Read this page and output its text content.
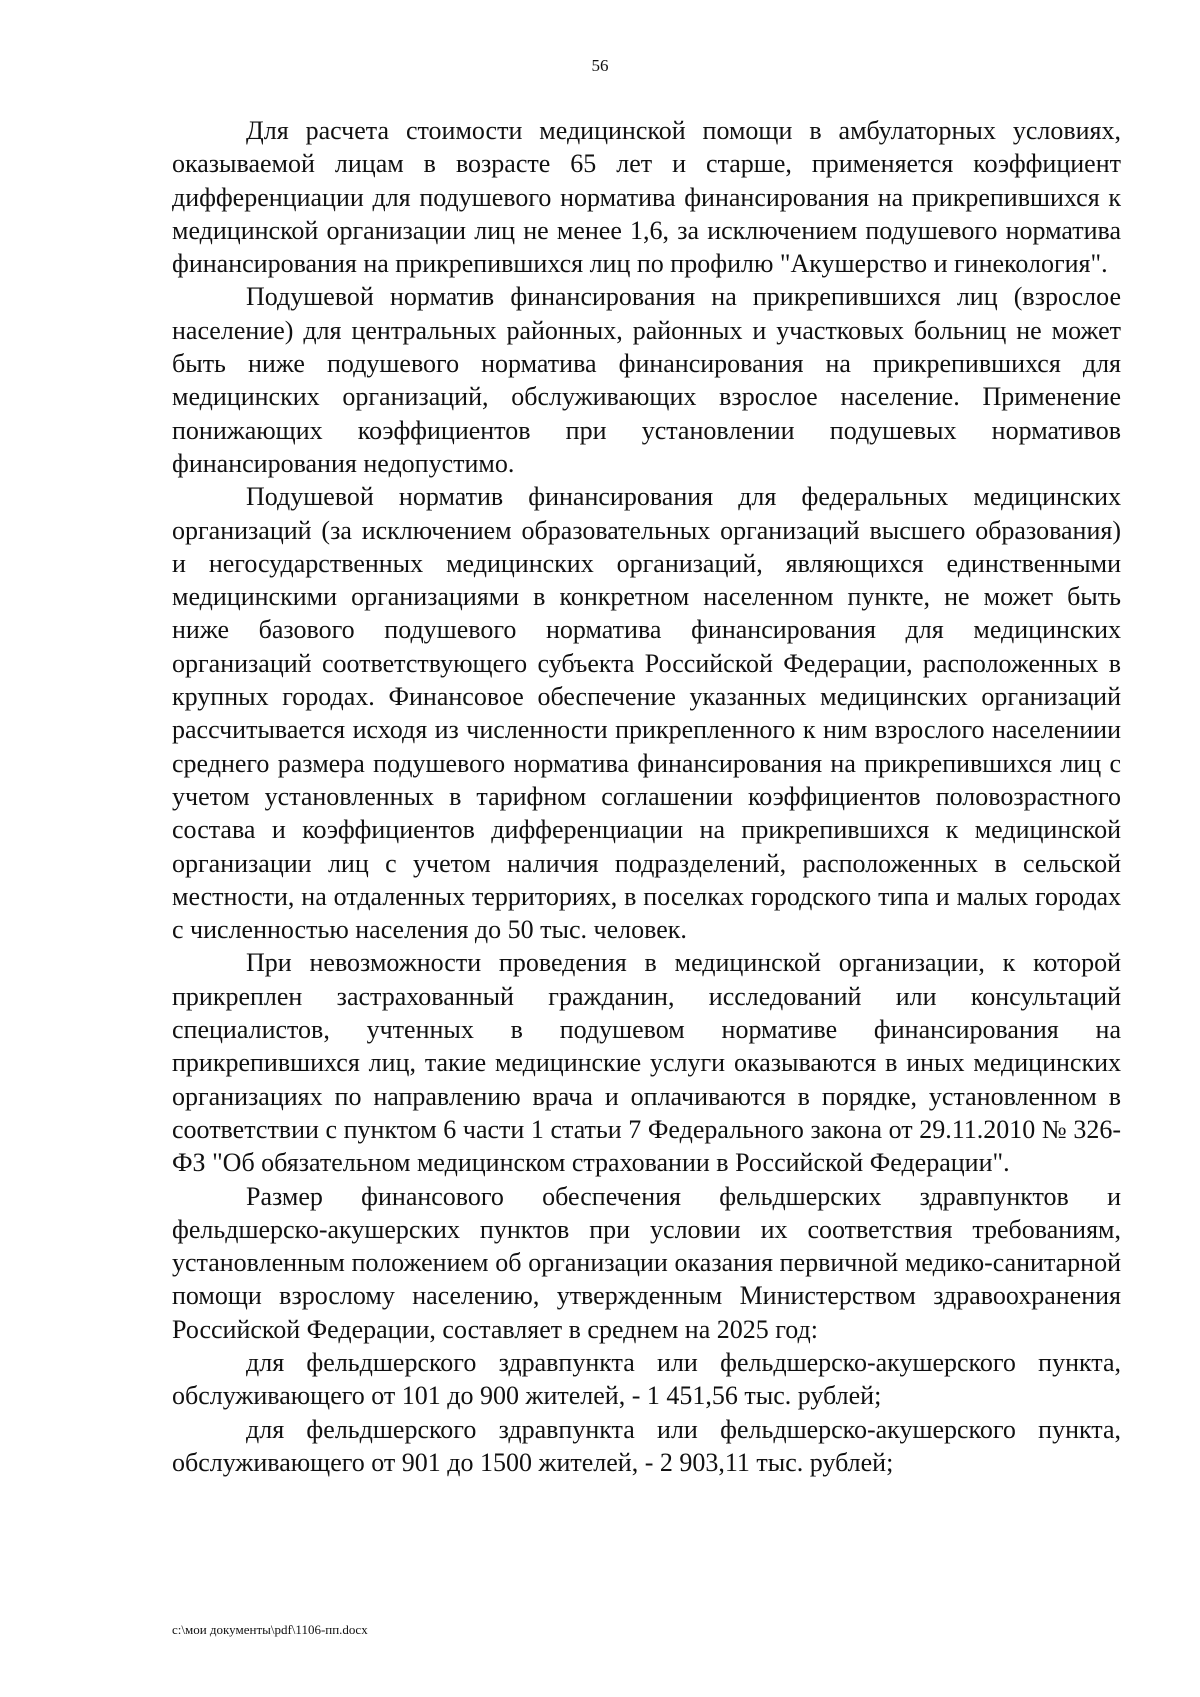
56

Для расчета стоимости медицинской помощи в амбулаторных условиях, оказываемой лицам в возрасте 65 лет и старше, применяется коэффициент дифференциации для подушевого норматива финансирования на прикрепившихся к медицинской организации лиц не менее 1,6, за исключением подушевого норматива финансирования на прикрепившихся лиц по профилю "Акушерство и гинекология".

Подушевой норматив финансирования на прикрепившихся лиц (взрослое население) для центральных районных, районных и участковых больниц не может быть ниже подушевого норматива финансирования на прикрепившихся для медицинских организаций, обслуживающих взрослое население. Применение понижающих коэффициентов при установлении подушевых нормативов финансирования недопустимо.

Подушевой норматив финансирования для федеральных медицинских организаций (за исключением образовательных организаций высшего образования) и негосударственных медицинских организаций, являющихся единственными медицинскими организациями в конкретном населенном пункте, не может быть ниже базового подушевого норматива финансирования для медицинских организаций соответствующего субъекта Российской Федерации, расположенных в крупных городах. Финансовое обеспечение указанных медицинских организаций рассчитывается исходя из численности прикрепленного к ним взрослого населениии среднего размера подушевого норматива финансирования на прикрепившихся лиц с учетом установленных в тарифном соглашении коэффициентов половозрастного состава и коэффициентов дифференциации на прикрепившихся к медицинской организации лиц с учетом наличия подразделений, расположенных в сельской местности, на отдаленных территориях, в поселках городского типа и малых городах с численностью населения до 50 тыс. человек.

При невозможности проведения в медицинской организации, к которой прикреплен застрахованный гражданин, исследований или консультаций специалистов, учтенных в подушевом нормативе финансирования на прикрепившихся лиц, такие медицинские услуги оказываются в иных медицинских организациях по направлению врача и оплачиваются в порядке, установленном в соответствии с пунктом 6 части 1 статьи 7 Федерального закона от 29.11.2010 № 326-ФЗ "Об обязательном медицинском страховании в Российской Федерации".

Размер финансового обеспечения фельдшерских здравпунктов и фельдшерско-акушерских пунктов при условии их соответствия требованиям, установленным положением об организации оказания первичной медико-санитарной помощи взрослому населению, утвержденным Министерством здравоохранения Российской Федерации, составляет в среднем на 2025 год:

для фельдшерского здравпункта или фельдшерско-акушерского пункта, обслуживающего от 101 до 900 жителей, - 1 451,56 тыс. рублей;

для фельдшерского здравпункта или фельдшерско-акушерского пункта, обслуживающего от 901 до 1500 жителей, - 2 903,11 тыс. рублей;

c:\мои документы\pdf\1106-пп.docx
